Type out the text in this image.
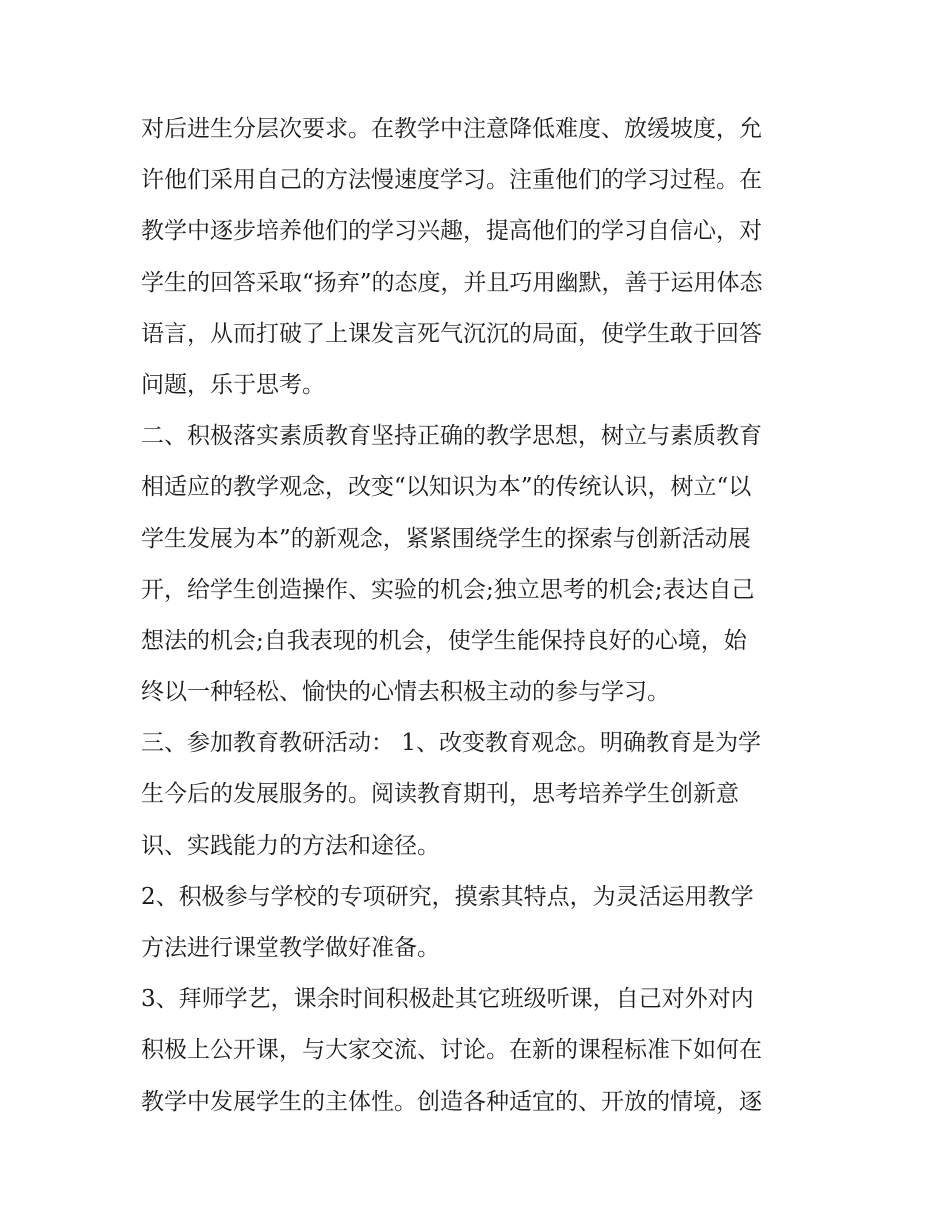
对后进生分层次要求。在教学中注意降低难度、放缓坡度，允
许他们采用自己的方法慢速度学习。注重他们的学习过程。在
教学中逐步培养他们的学习兴趣，提高他们的学习自信心，对
学生的回答采取“扬弃”的态度，并且巧用幽默，善于运用体态
语言，从而打破了上课发言死气沉沉的局面，使学生敢于回答
问题，乐于思考。
二、积极落实素质教育坚持正确的教学思想，树立与素质教育
相适应的教学观念，改变“以知识为本”的传统认识，树立“以
学生发展为本”的新观念，紧紧围绕学生的探索与创新活动展
开，给学生创造操作、实验的机会;独立思考的机会;表达自己
想法的机会;自我表现的机会，使学生能保持良好的心境，始
终以一种轻松、愉快的心情去积极主动的参与学习。
三、参加教育教研活动： 1、改变教育观念。明确教育是为学
生今后的发展服务的。阅读教育期刊，思考培养学生创新意
识、实践能力的方法和途径。
2、积极参与学校的专项研究，摸索其特点，为灵活运用教学
方法进行课堂教学做好准备。
3、拜师学艺，课余时间积极赴其它班级听课，自己对外对内
积极上公开课，与大家交流、讨论。在新的课程标准下如何在
教学中发展学生的主体性。创造各种适宜的、开放的情境，逐
